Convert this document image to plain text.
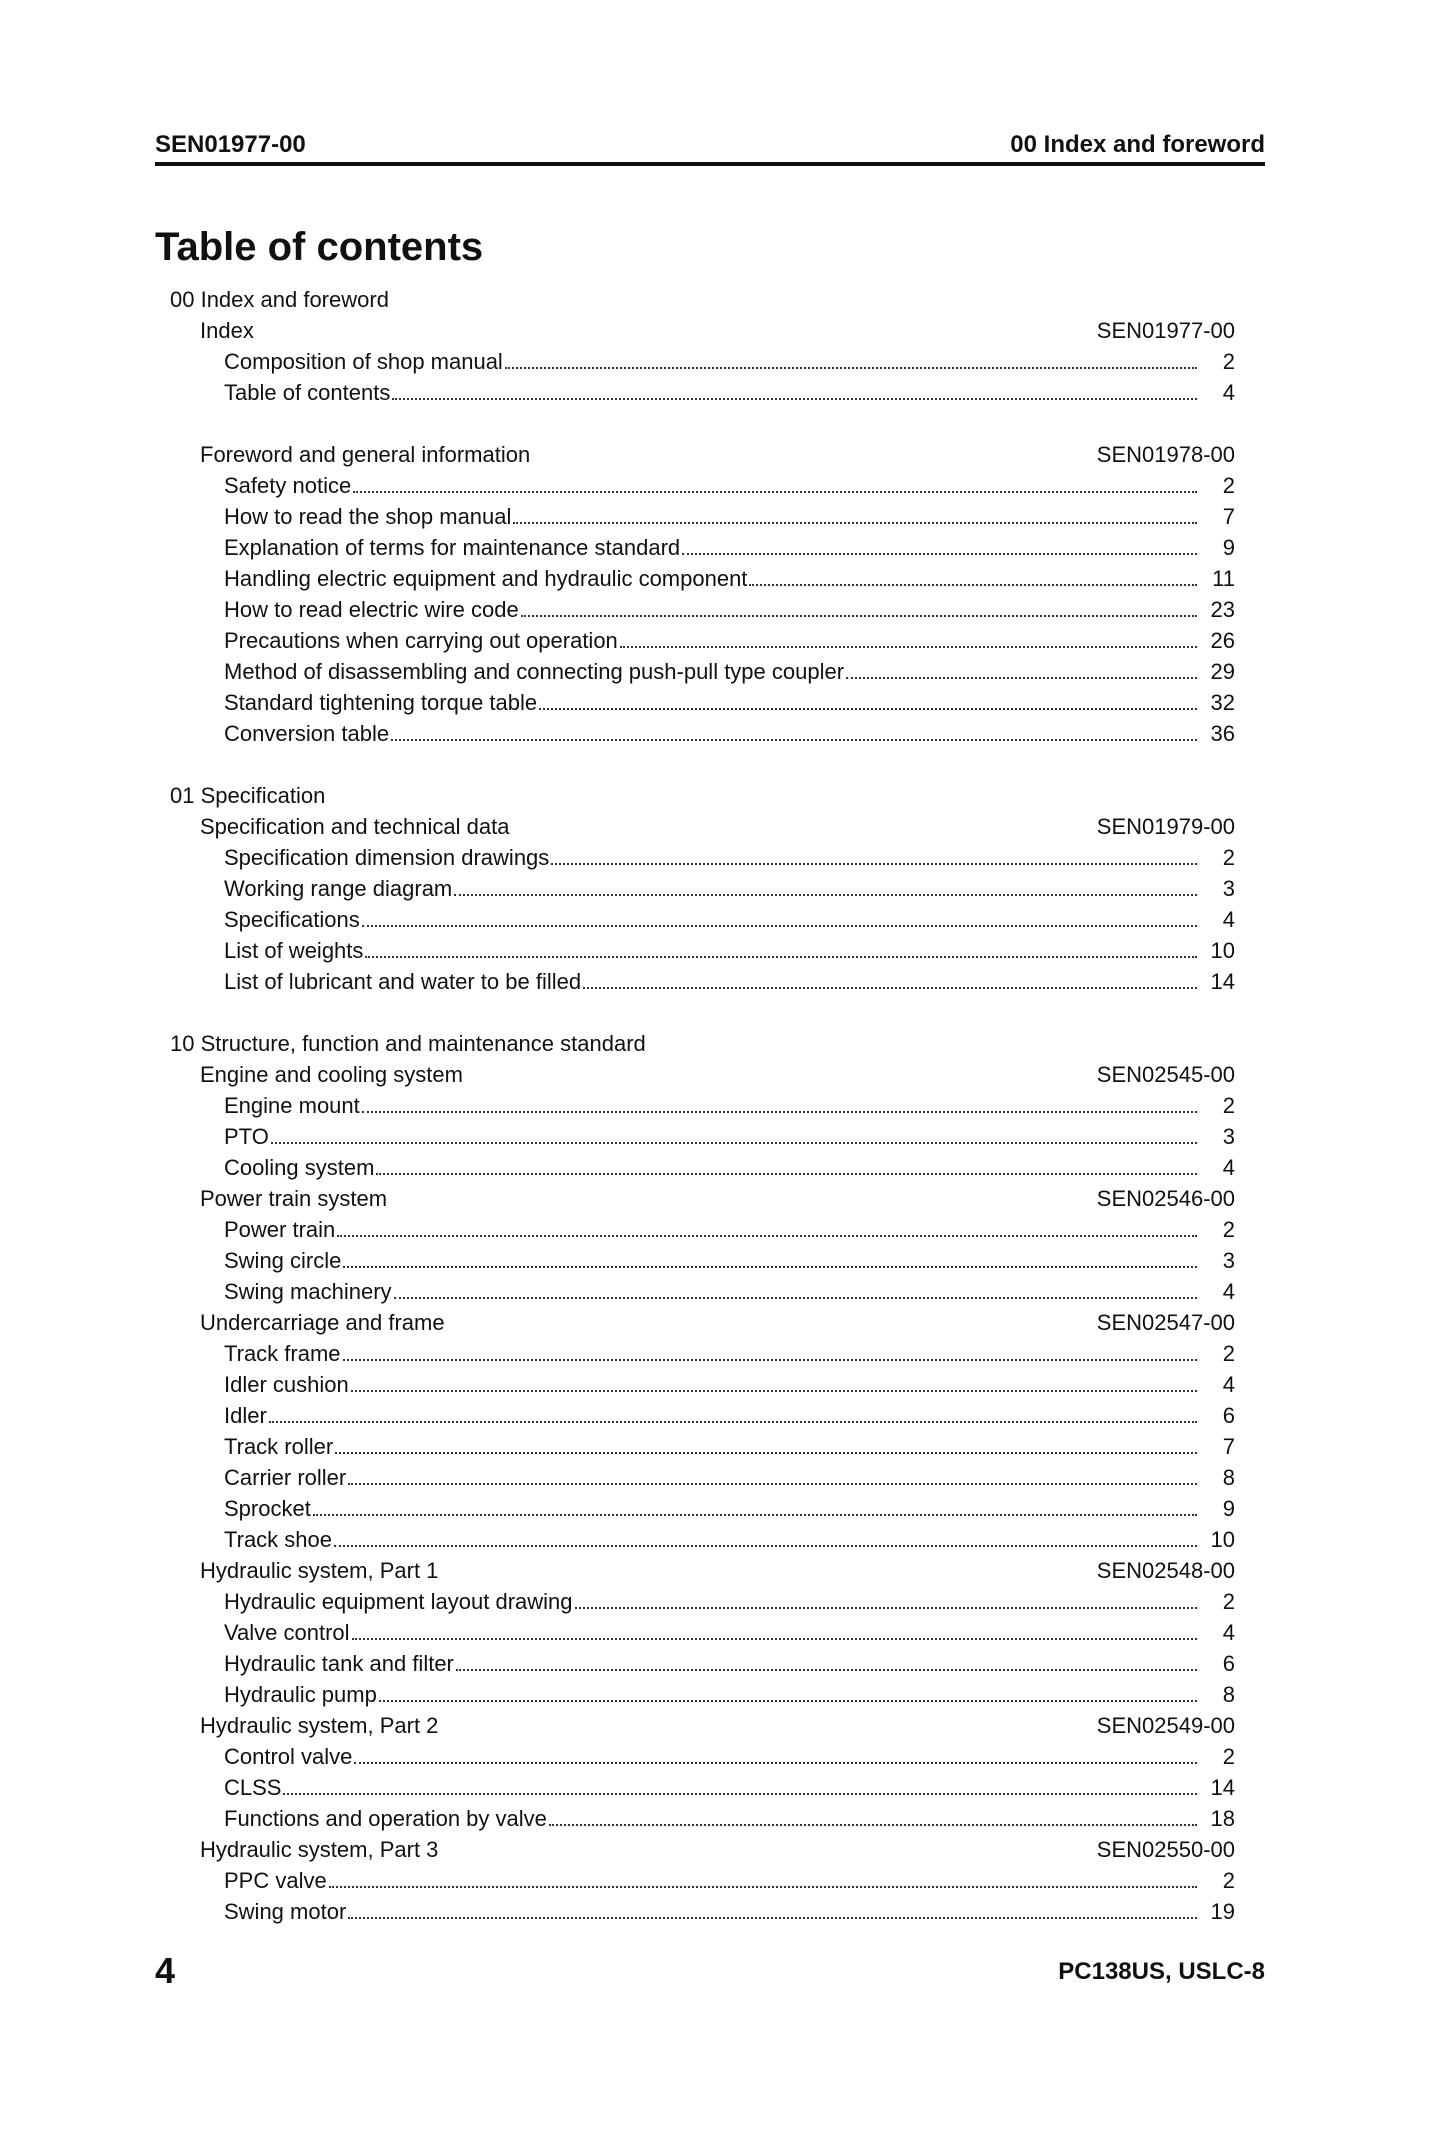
SEN01977-00	00 Index and foreword
Table of contents
00 Index and foreword
Index	SEN01977-00
Composition of shop manual	2
Table of contents	4
Foreword and general information	SEN01978-00
Safety notice	2
How to read the shop manual	7
Explanation of terms for maintenance standard	9
Handling electric equipment and hydraulic component	11
How to read electric wire code	23
Precautions when carrying out operation	26
Method of disassembling and connecting push-pull type coupler	29
Standard tightening torque table	32
Conversion table	36
01 Specification
Specification and technical data	SEN01979-00
Specification dimension drawings	2
Working range diagram	3
Specifications	4
List of weights	10
List of lubricant and water to be filled	14
10 Structure, function and maintenance standard
Engine and cooling system	SEN02545-00
Engine mount	2
PTO	3
Cooling system	4
Power train system	SEN02546-00
Power train	2
Swing circle	3
Swing machinery	4
Undercarriage and frame	SEN02547-00
Track frame	2
Idler cushion	4
Idler	6
Track roller	7
Carrier roller	8
Sprocket	9
Track shoe	10
Hydraulic system, Part 1	SEN02548-00
Hydraulic equipment layout drawing	2
Valve control	4
Hydraulic tank and filter	6
Hydraulic pump	8
Hydraulic system, Part 2	SEN02549-00
Control valve	2
CLSS	14
Functions and operation by valve	18
Hydraulic system, Part 3	SEN02550-00
PPC valve	2
Swing motor	19
4	PC138US, USLC-8
